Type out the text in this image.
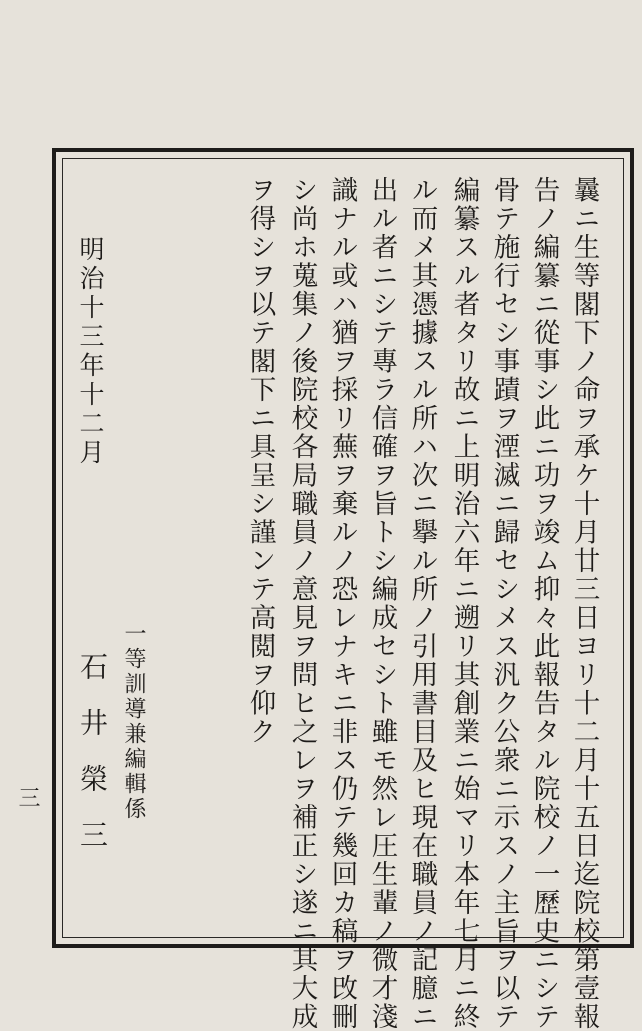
曩ニ生等閣下ノ命ヲ承ケ十月廿三日ヨリ十二月十五日迄院校第壹報
告ノ編纂ニ從事シ此ニ功ヲ竣ム抑々此報告タル院校ノ一歷史ニシテ
骨テ施行セシ事蹟ヲ湮滅ニ歸セシメス汎ク公衆ニ示スノ主旨ヲ以テ
編纂スル者タリ故ニ上明治六年ニ遡リ其創業ニ始マリ本年七月ニ終
ル而メ其憑據スル所ハ次ニ擧ル所ノ引用書目及ヒ現在職員ノ記臆ニ
出ル者ニシテ專ラ信確ヲ旨トシ編成セシト雖モ然レ圧生輩ノ微才淺
識ナル或ハ猶ヲ採リ蕪ヲ棄ルノ恐レナキニ非ス仍テ幾回カ稿ヲ攺刪
シ尚ホ蒐集ノ後院校各局職員ノ意見ヲ問ヒ之レヲ補正シ遂ニ其大成
ヲ得シヲ以テ閣下ニ具呈シ謹ンテ高閲ヲ仰ク
一等訓導兼編輯係
石井榮三
明治十三年十二月
三
